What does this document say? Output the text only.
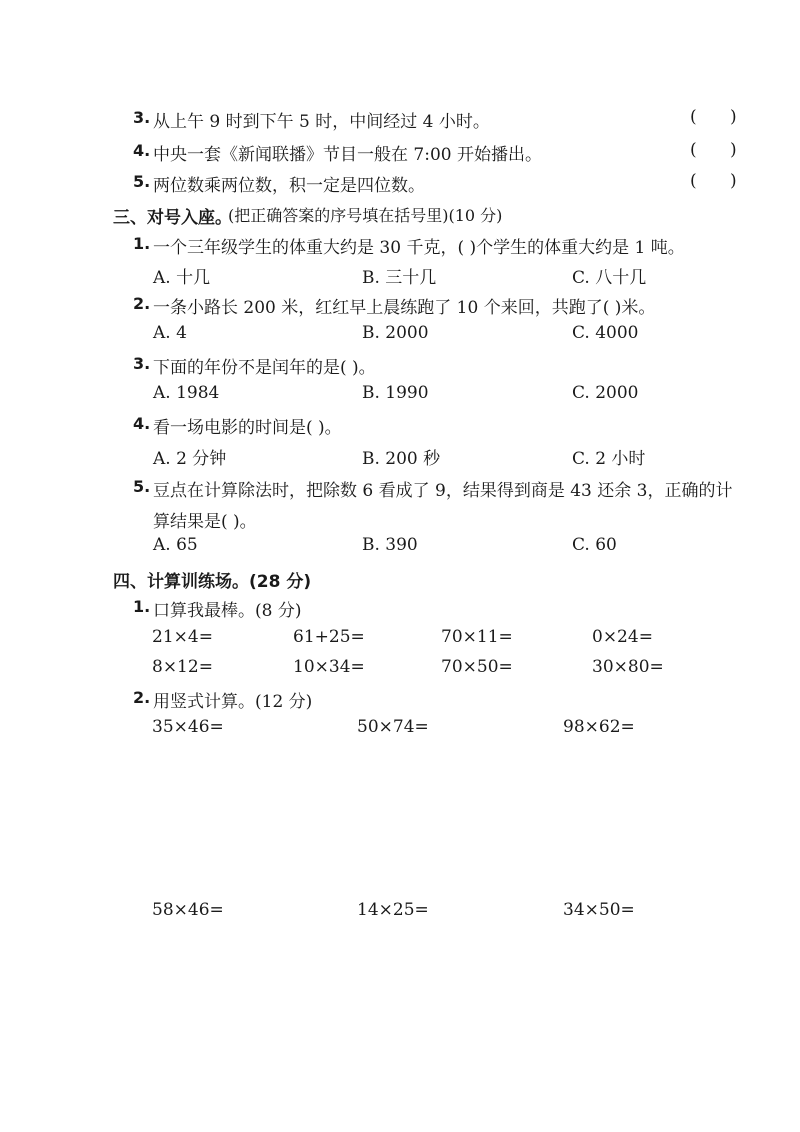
3. 从上午 9 时到下午 5 时，中间经过 4 小时。	( )
4. 中央一套《新闻联播》节目一般在 7:00 开始播出。	( )
5. 两位数乘两位数，积一定是四位数。	( )
三、对号入座。
(把正确答案的序号填在括号里)(10 分)
1. 一个三年级学生的体重大约是 30 千克，( )个学生的体重大约是 1 吨。
A. 十几	B. 三十几	C. 八十几
2. 一条小路长 200 米，红红早上晨练跑了 10 个来回，共跑了( )米。
A. 4	B. 2000	C. 4000
3. 下面的年份不是闰年的是( )。
A. 1984	B. 1990	C. 2000
4. 看一场电影的时间是( )。
A. 2 分钟	B. 200 秒	C. 2 小时
5. 豆点在计算除法时，把除数 6 看成了 9，结果得到商是 43 还余 3，正确的计
算结果是( )。
A. 65	B. 390	C. 60
四、计算训练场。(28 分)
1. 口算我最棒。(8 分)
21×4=	61+25=	70×11=	0×24=
8×12=	10×34=	70×50=	30×80=
2. 用竖式计算。(12 分)
35×46=	50×74=	98×62=
58×46=	14×25=	34×50=
